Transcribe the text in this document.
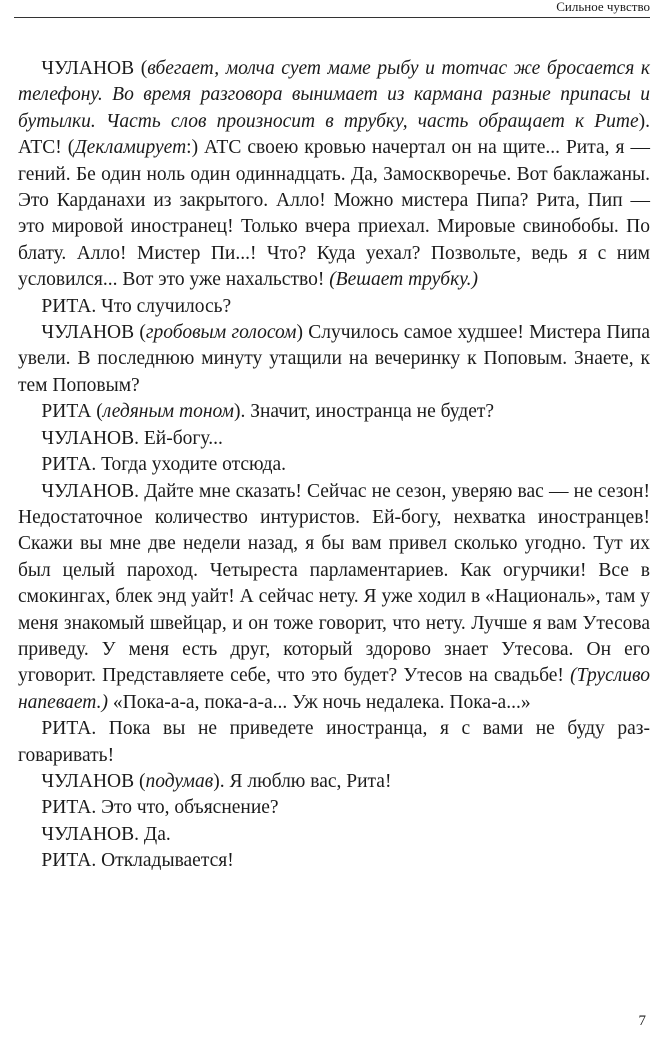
Сильное чувство

ЧУЛАНОВ (вбегает, молча сует маме рыбу и тотчас же бросается к телефону. Во время разговора вынимает из кармана разные припасы и бутылки. Часть слов произносит в трубку, часть обращает к Рите). АТС! (Декламирует:) АТС своею кровью начертал он на щите... Рита, я — гений. Бе один ноль один одиннадцать. Да, Замоскворечье. Вот баклажаны. Это Карданахи из закрытого. Алло! Можно мистера Пипа? Рита, Пип — это мировой иностранец! Только вчера приехал. Мировые свинобобы. По блату. Алло! Мистер Пи...! Что? Куда уехал? Позвольте, ведь я с ним условился... Вот это уже нахальство! (Вешает трубку.)

РИТА. Что случилось?

ЧУЛАНОВ (гробовым голосом) Случилось самое худшее! Мистера Пипа увели. В последнюю минуту утащили на вечеринку к Поповым. Знаете, к тем Поповым?

РИТА (ледяным тоном). Значит, иностранца не будет?

ЧУЛАНОВ. Ей-богу...

РИТА. Тогда уходите отсюда.

ЧУЛАНОВ. Дайте мне сказать! Сейчас не сезон, уверяю вас — не сезон! Недостаточное количество интуристов. Ей-богу, нехватка иностранцев! Скажи вы мне две недели назад, я бы вам привел сколько угодно. Тут их был целый пароход. Четыреста парламентариев. Как огурчики! Все в смокингах, блек энд уайт! А сейчас нету. Я уже ходил в «Националь», там у меня знакомый швейцар, и он тоже говорит, что нету. Лучше я вам Утесова приведу. У меня есть друг, который здорово знает Утесова. Он его уговорит. Представляете себе, что это будет? Утесов на свадьбе! (Трусливо напевает.) «Пока-а-а, пока-а-а... Уж ночь недалека. Пока-а...»

РИТА. Пока вы не приведете иностранца, я с вами не буду разговаривать!

ЧУЛАНОВ (подумав). Я люблю вас, Рита!

РИТА. Это что, объяснение?

ЧУЛАНОВ. Да.

РИТА. Откладывается!

7
